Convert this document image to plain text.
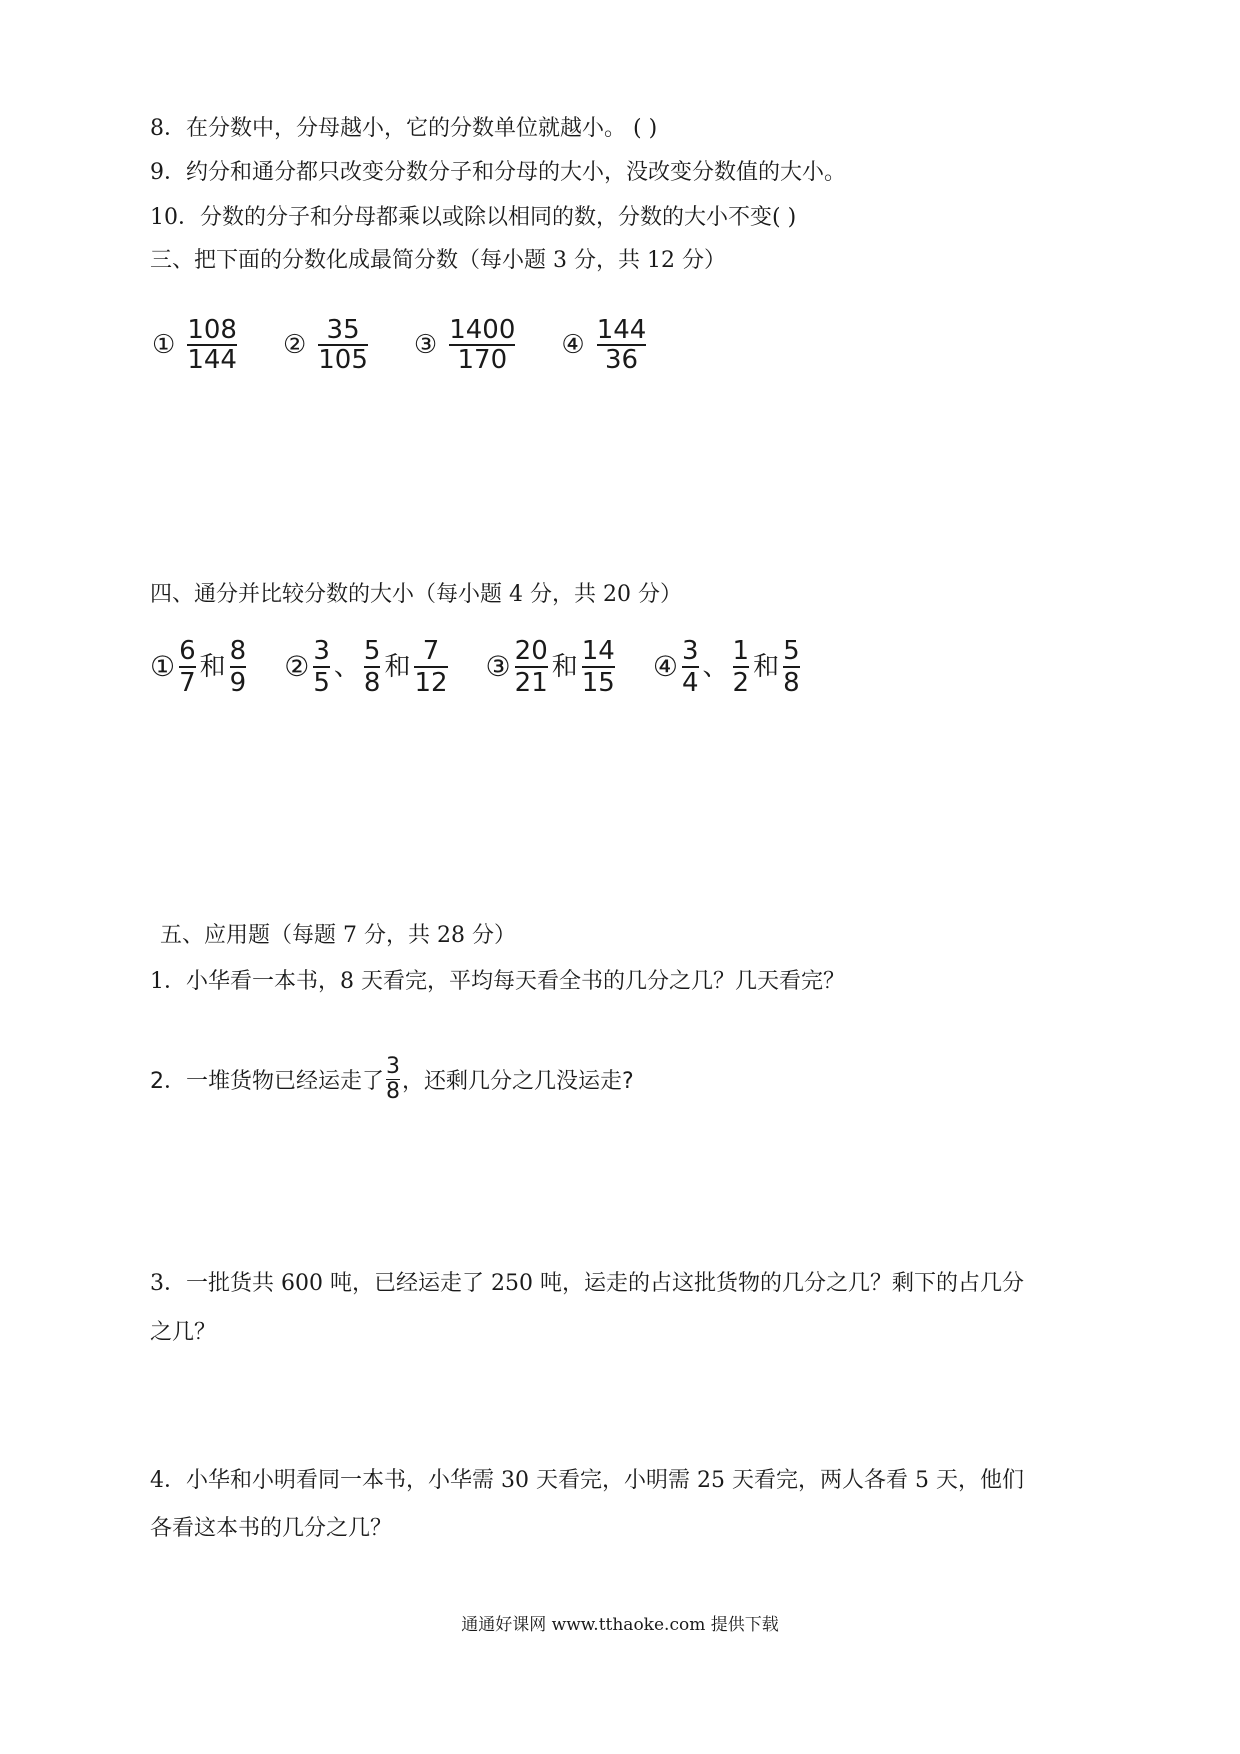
8．在分数中，分母越小，它的分数单位就越小。 ( )
9．约分和通分都只改变分数分子和分母的大小，没改变分数值的大小。
10．分数的分子和分母都乘以或除以相同的数，分数的大小不变( )
三、把下面的分数化成最简分数（每小题 3 分，共 12 分）
① $\frac{108}{144}$ ② $\frac{35}{105}$ ③ $\frac{1400}{170}$ ④ $\frac{144}{36}$
四、通分并比较分数的大小（每小题 4 分，共 20 分）
① $\frac{6}{7}$ 和 $\frac{8}{9}$ ② $\frac{3}{5}$ 、 $\frac{5}{8}$ 和 $\frac{7}{12}$ ③ $\frac{20}{21}$ 和 $\frac{14}{15}$ ④ $\frac{3}{4}$ 、 $\frac{1}{2}$ 和 $\frac{5}{8}$
五、应用题（每题 7 分，共 28 分）
1．小华看一本书，8 天看完，平均每天看全书的几分之几？几天看完？
2．一堆货物已经运走了 $\frac{3}{8}$ ，还剩几分之几没运走?
3．一批货共 600 吨，已经运走了 250 吨，运走的占这批货物的几分之几？剩下的占几分
之几？
4．小华和小明看同一本书，小华需 30 天看完，小明需 25 天看完，两人各看 5 天，他们
各看这本书的几分之几？
通通好课网 www.tthaoke.com 提供下载
